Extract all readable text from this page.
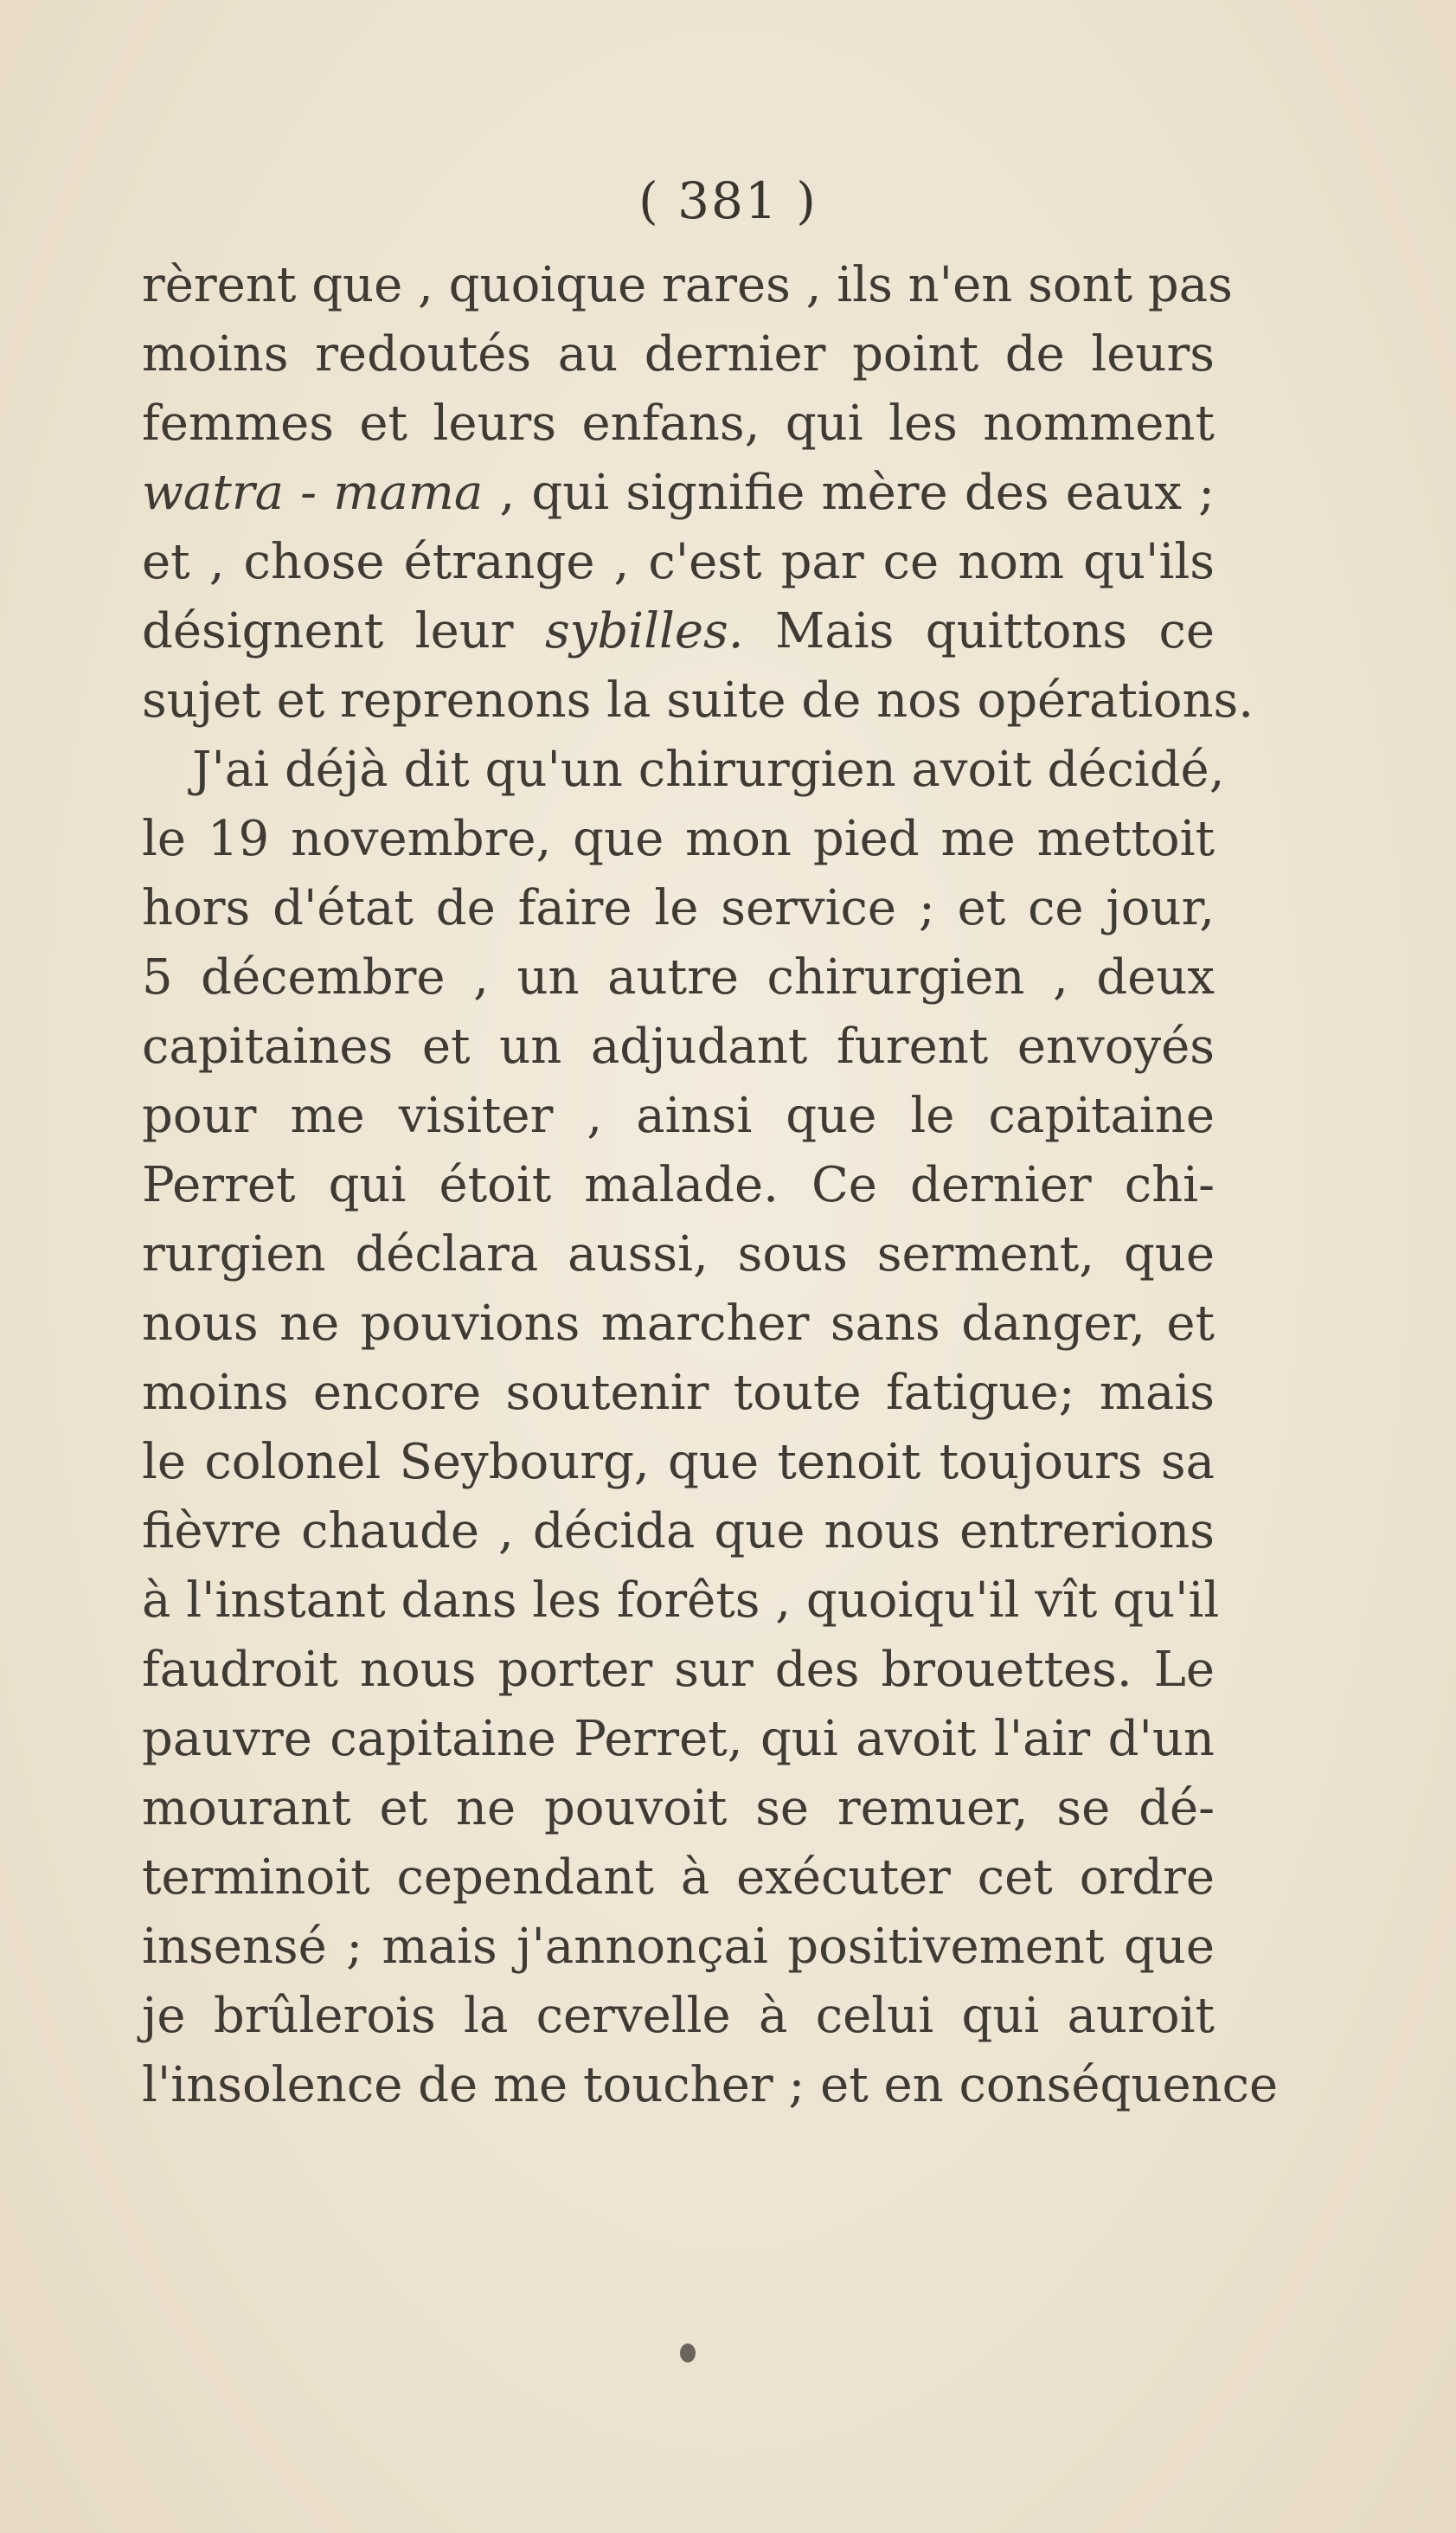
( 381 )
rèrent que , quoique rares , ils n'en sont pas
moins redoutés au dernier point de leurs
femmes et leurs enfans, qui les nomment
watra - mama , qui signifie mère des eaux ;
et , chose étrange , c'est par ce nom qu'ils
désignent leur sybilles. Mais quittons ce
sujet et reprenons la suite de nos opérations.
J'ai déjà dit qu'un chirurgien avoit décidé,
le 19 novembre, que mon pied me mettoit
hors d'état de faire le service ; et ce jour,
5 décembre , un autre chirurgien , deux
capitaines et un adjudant furent envoyés
pour me visiter , ainsi que le capitaine
Perret qui étoit malade. Ce dernier chi-
rurgien déclara aussi, sous serment, que
nous ne pouvions marcher sans danger, et
moins encore soutenir toute fatigue; mais
le colonel Seybourg, que tenoit toujours sa
fièvre chaude , décida que nous entrerions
à l'instant dans les forêts , quoiqu'il vît qu'il
faudroit nous porter sur des brouettes. Le
pauvre capitaine Perret, qui avoit l'air d'un
mourant et ne pouvoit se remuer, se dé-
terminoit cependant à exécuter cet ordre
insensé ; mais j'annonçai positivement que
je brûlerois la cervelle à celui qui auroit
l'insolence de me toucher ; et en conséquence
